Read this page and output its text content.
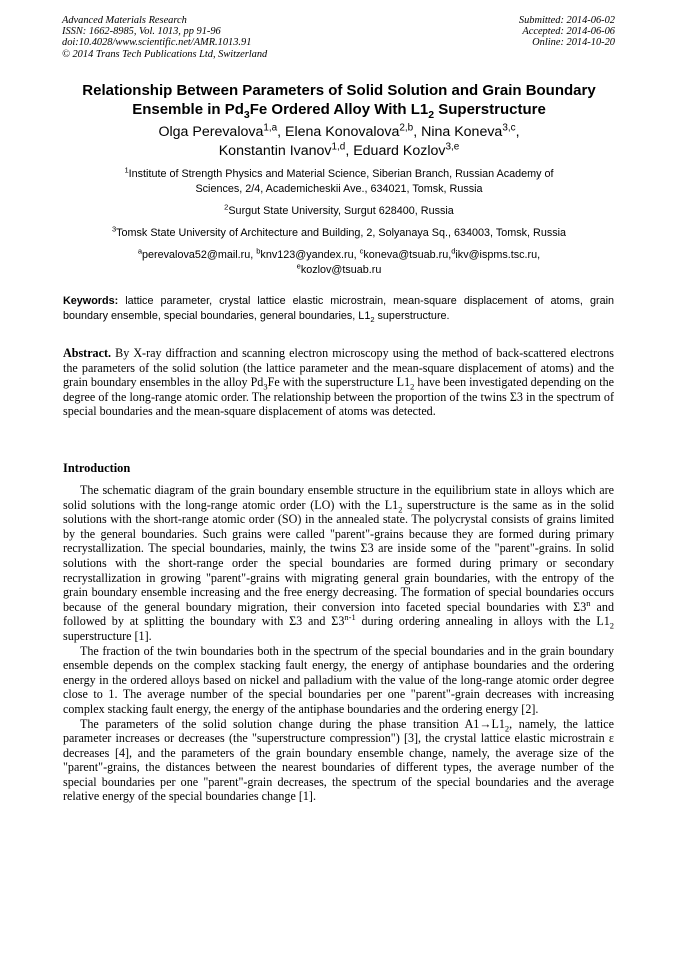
Advanced Materials Research
ISSN: 1662-8985, Vol. 1013, pp 91-96
doi:10.4028/www.scientific.net/AMR.1013.91
© 2014 Trans Tech Publications Ltd, Switzerland
Submitted: 2014-06-02
Accepted: 2014-06-06
Online: 2014-10-20
Relationship Between Parameters of Solid Solution and Grain Boundary
Ensemble in $Pd_3Fe$ Ordered Alloy With $L1_2$ Superstructure
Olga Perevalova$^{1,a}$, Elena Konovalova$^{2,b}$, Nina Koneva$^{3,c}$,
Konstantin Ivanov$^{1,d}$, Eduard Kozlov$^{3,e}$
$^1$Institute of Strength Physics and Material Science, Siberian Branch, Russian Academy of
Sciences, 2/4, Academicheskii Ave., 634021, Tomsk, Russia
$^2$Surgut State University, Surgut 628400, Russia
$^3$Tomsk State University of Architecture and Building, 2, Solyanaya Sq., 634003, Tomsk, Russia
$^a$perevalova52@mail.ru, $^b$knv123@yandex.ru, $^c$koneva@tsuab.ru,$^d$ikv@ispms.tsc.ru,
$^e$kozlov@tsuab.ru
Keywords: lattice parameter, crystal lattice elastic microstrain, mean-square displacement of atoms, grain boundary ensemble, special boundaries, general boundaries, $L1_2$ superstructure.
Abstract. By X-ray diffraction and scanning electron microscopy using the method of back-scattered electrons the parameters of the solid solution (the lattice parameter and the mean-square displacement of atoms) and the grain boundary ensembles in the alloy $Pd_3Fe$ with the superstructure $L1_2$ have been investigated depending on the degree of the long-range atomic order. The relationship between the proportion of the twins Σ3 in the spectrum of special boundaries and the mean-square displacement of atoms was detected.
Introduction

The schematic diagram of the grain boundary ensemble structure in the equilibrium state in alloys which are solid solutions with the long-range atomic order (LO) with the $L1_2$ superstructure is the same as in the solid solutions with the short-range atomic order (SO) in the annealed state. The polycrystal consists of grains limited by the general boundaries. Such grains were called "parent"-grains because they are formed during primary recrystallization. The special boundaries, mainly, the twins Σ3 are inside some of the "parent"-grains. In solid solutions with the short-range order the special boundaries are formed during primary or secondary recrystallization in growing "parent"-grains with migrating general grain boundaries, with the entropy of the grain boundary ensemble increasing and the free energy decreasing. The formation of special boundaries occurs because of the general boundary migration, their conversion into faceted special boundaries with Σ3$^n$ and followed by at splitting the boundary with Σ3 and Σ3$^{n-1}$ during ordering annealing in alloys with the $L1_2$ superstructure [1].

The fraction of the twin boundaries both in the spectrum of the special boundaries and in the grain boundary ensemble depends on the complex stacking fault energy, the energy of antiphase boundaries and the ordering energy in the ordered alloys based on nickel and palladium with the value of the long-range atomic order degree close to 1. The average number of the special boundaries per one "parent"-grain decreases with increasing complex stacking fault energy, the energy of the antiphase boundaries and the ordering energy [2].

The parameters of the solid solution change during the phase transition $A1\to L1_2$, namely, the lattice parameter increases or decreases (the "superstructure compression") [3], the crystal lattice elastic microstrain ε decreases [4], and the parameters of the grain boundary ensemble change, namely, the average size of the "parent"-grains, the distances between the nearest boundaries of different types, the average number of the special boundaries per one "parent"-grain decreases, the spectrum of the special boundaries and the average relative energy of the special boundaries change [1].
